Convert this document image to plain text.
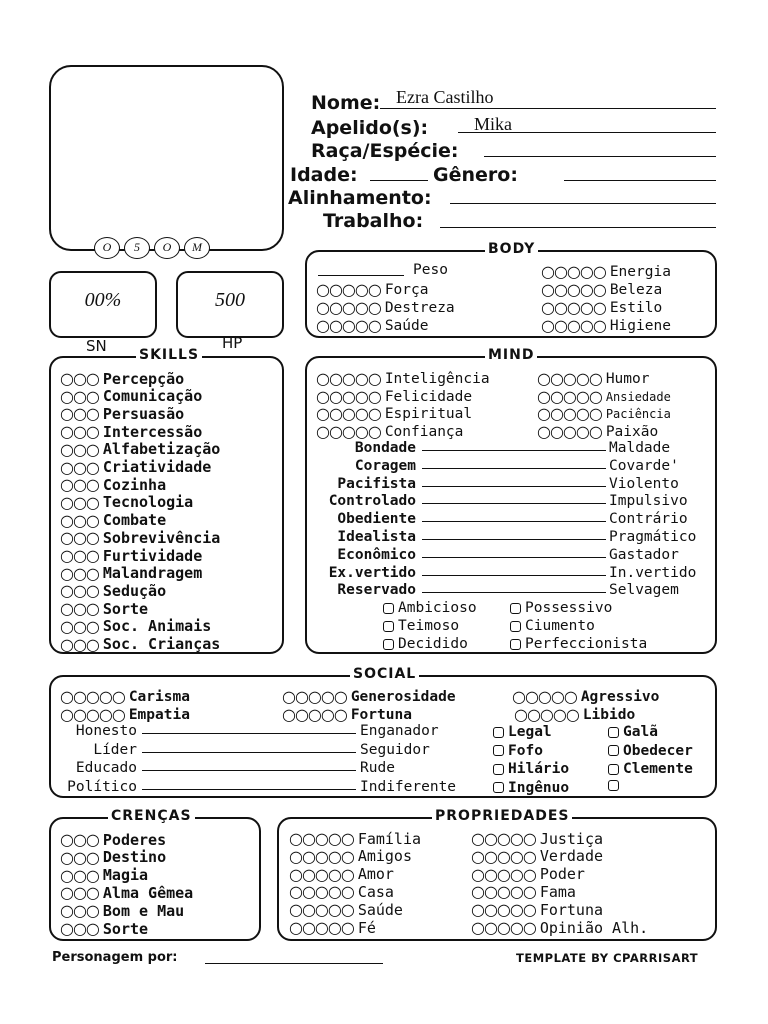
O	5	O	M
Nome: Ezra Castilho
Apelido(s):	Mika
Raça/Espécie:
Idade:	Gênero:
Alinhamento:
Trabalho:
00%
SN
500
HP
BODY
Peso
○○○○○ Força
○○○○○ Destreza
○○○○○ Saúde
○○○○○ Energia
○○○○○ Beleza
○○○○○ Estilo
○○○○○ Higiene
SKILLS
○○○ Percepção
○○○ Comunicação
○○○ Persuasão
○○○ Intercessão
○○○ Alfabetização
○○○ Criatividade
○○○ Cozinha
○○○ Tecnologia
○○○ Combate
○○○ Sobrevivência
○○○ Furtividade
○○○ Malandragem
○○○ Sedução
○○○ Sorte
○○○ Soc. Animais
○○○ Soc. Crianças
MIND
○○○○○ Inteligência
○○○○○ Felicidade
○○○○○ Espiritual
○○○○○ Confiança
○○○○○ Humor
○○○○○ Ansiedade
○○○○○ Paciência
○○○○○ Paixão
Bondade	Maldade
Coragem	Covarde'
Pacifista	Violento
Controlado	Impulsivo
Obediente	Contrário
Idealista	Pragmático
Econômico	Gastador
Ex.vertido	In.vertido
Reservado	Selvagem
Ambicioso	Possessivo
Teimoso	Ciumento
Decidido	Perfeccionista
SOCIAL
○○○○○ Carisma	○○○○○ Generosidade	○○○○○ Agressivo
○○○○○ Empatia	○○○○○ Fortuna	○○○○○ Libido
Honesto	Enganador
Líder	Seguidor
Educado	Rude
Político	Indiferente
Legal	Galã
Fofo	Obedecer
Hilário	Clemente
Ingênuo
CRENÇAS
○○○ Poderes
○○○ Destino
○○○ Magia
○○○ Alma Gêmea
○○○ Bom e Mau
○○○ Sorte
PROPRIEDADES
○○○○○ Família	○○○○○ Justiça
○○○○○ Amigos	○○○○○ Verdade
○○○○○ Amor	○○○○○ Poder
○○○○○ Casa	○○○○○ Fama
○○○○○ Saúde	○○○○○ Fortuna
○○○○○ Fé	○○○○○ Opinião Alh.
Personagem por:	TEMPLATE BY CPARRISART
